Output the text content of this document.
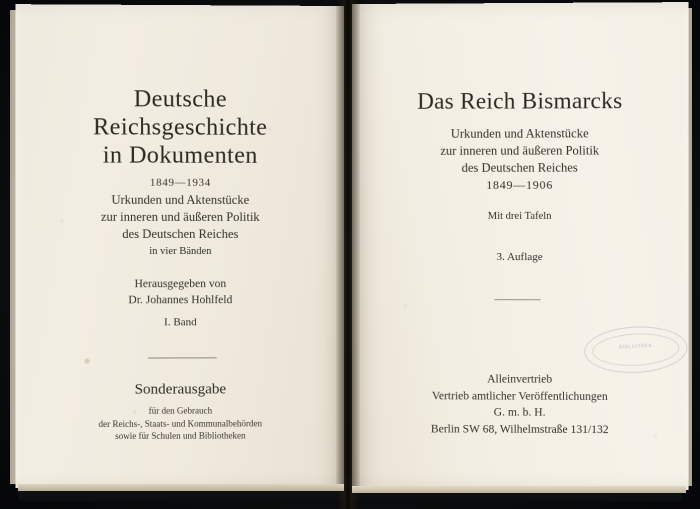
Deutsche
Reichsgeschichte
in Dokumenten
1849—1934
Urkunden und Aktenstücke
zur inneren und äußeren Politik
des Deutschen Reiches
in vier Bänden
Herausgegeben von
Dr. Johannes Hohlfeld
I. Band
Sonderausgabe
für den Gebrauch
der Reichs-, Staats- und Kommunalbehörden
sowie für Schulen und Bibliotheken
Das Reich Bismarcks
Urkunden und Aktenstücke
zur inneren und äußeren Politik
des Deutschen Reiches
1849—1906
Mit drei Tafeln
3. Auflage
BIBLIOTHEK
Alleinvertrieb
Vertrieb amtlicher Veröffentlichungen
G. m. b. H.
Berlin SW 68, Wilhelmstraße 131/132
